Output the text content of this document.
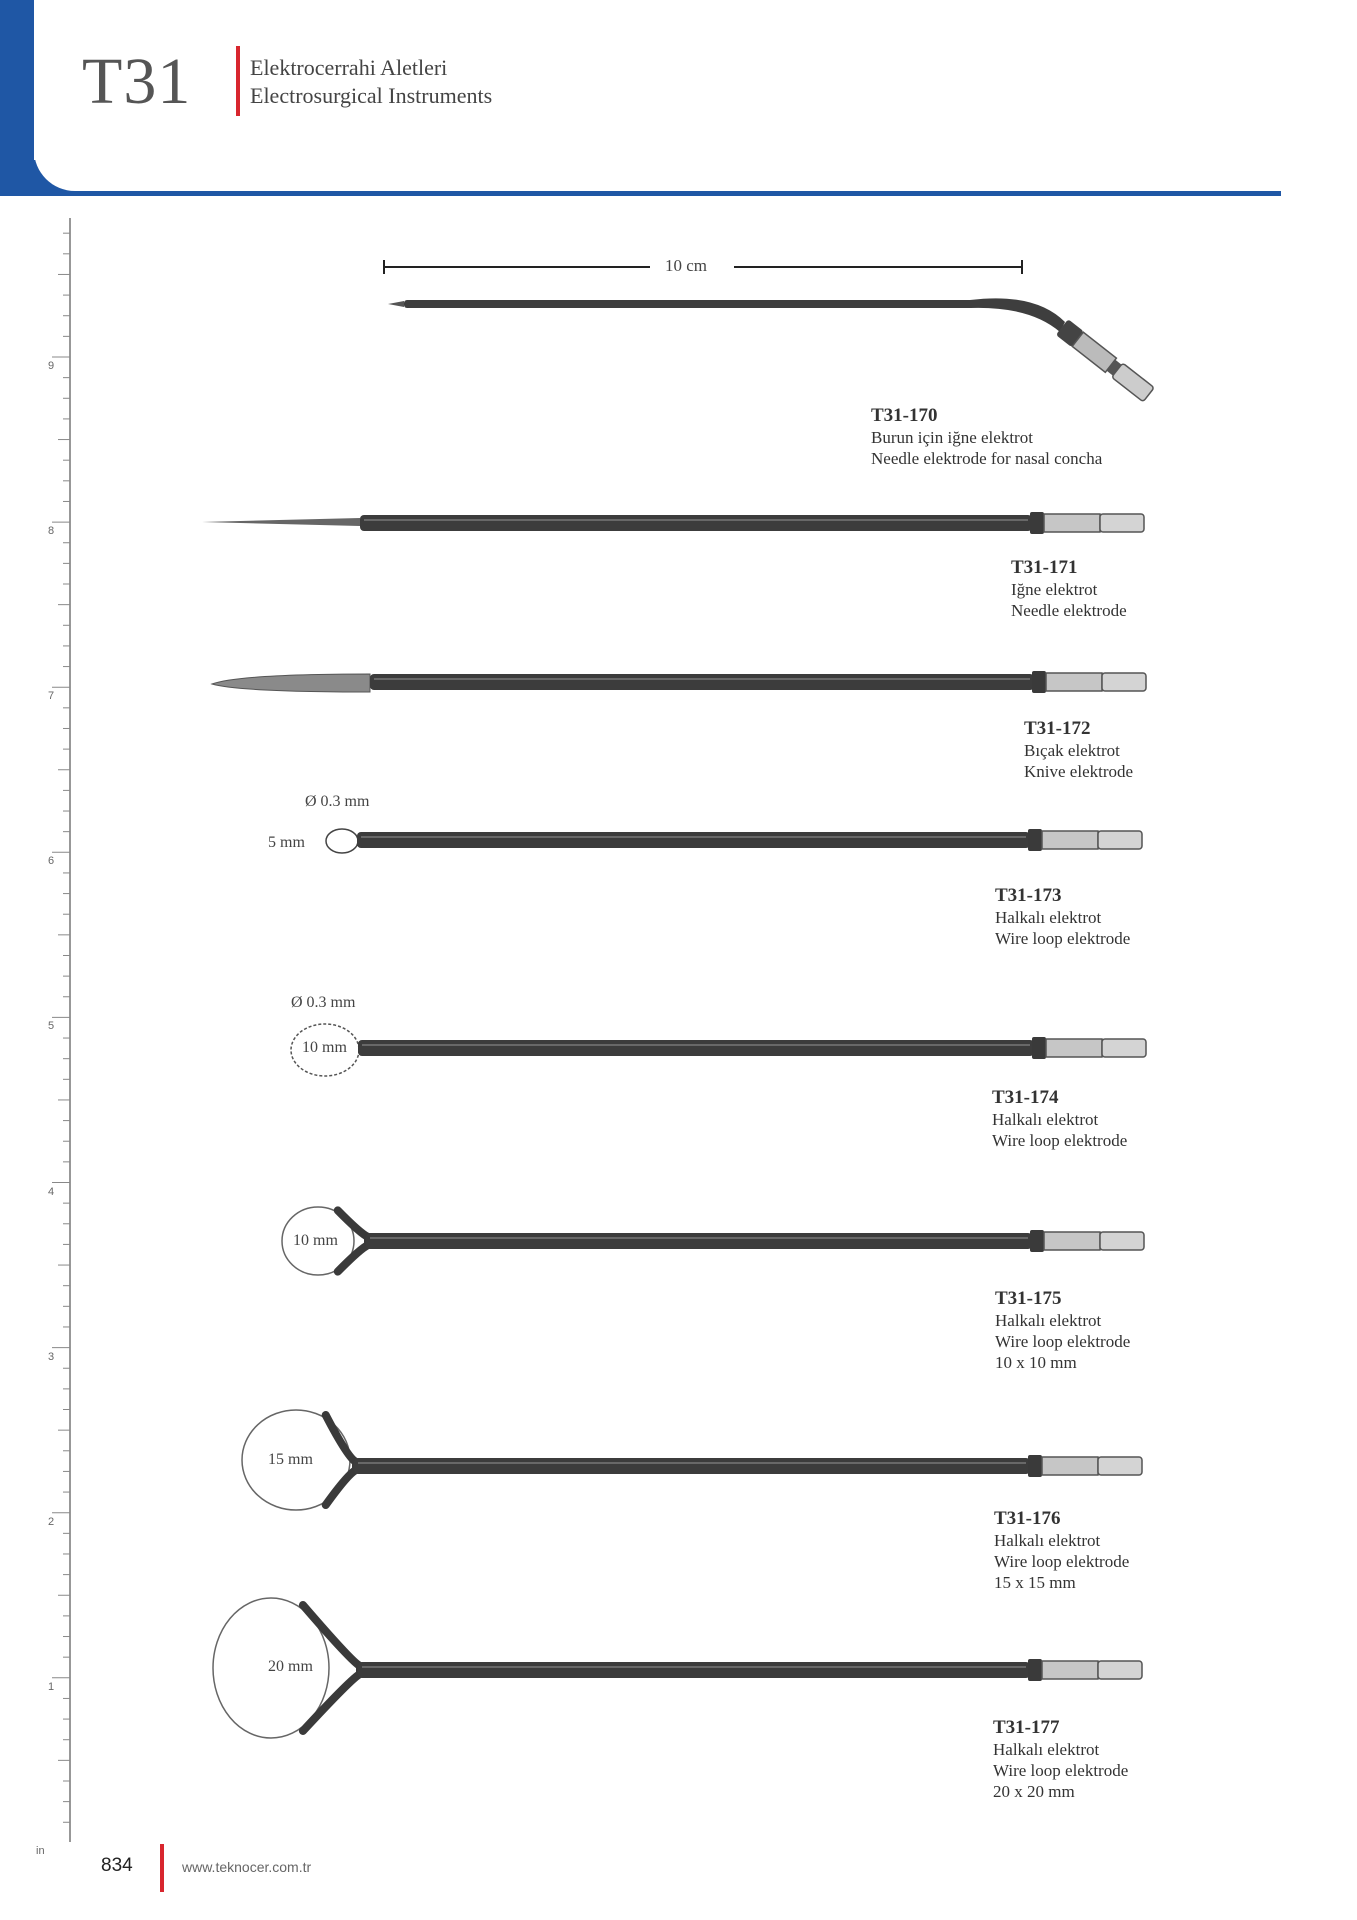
T31	Elektrocerrahi Aletleri
Electrosurgical Instruments
in
9
8
7
6
5
4
3
2
1
10 cm
Ø 0.3 mm
5 mm
Ø 0.3 mm
10 mm
10 mm
15 mm
20 mm
T31-170
Burun için iğne elektrot
Needle elektrode for nasal concha
T31-171
Iğne elektrot
Needle elektrode
T31-172
Bıçak elektrot
Knive elektrode
T31-173
Halkalı elektrot
Wire loop elektrode
T31-174
Halkalı elektrot
Wire loop elektrode
T31-175
Halkalı elektrot
Wire loop elektrode
10 x 10 mm
T31-176
Halkalı elektrot
Wire loop elektrode
15 x 15 mm
T31-177
Halkalı elektrot
Wire loop elektrode
20 x 20 mm
834	www.teknocer.com.tr
